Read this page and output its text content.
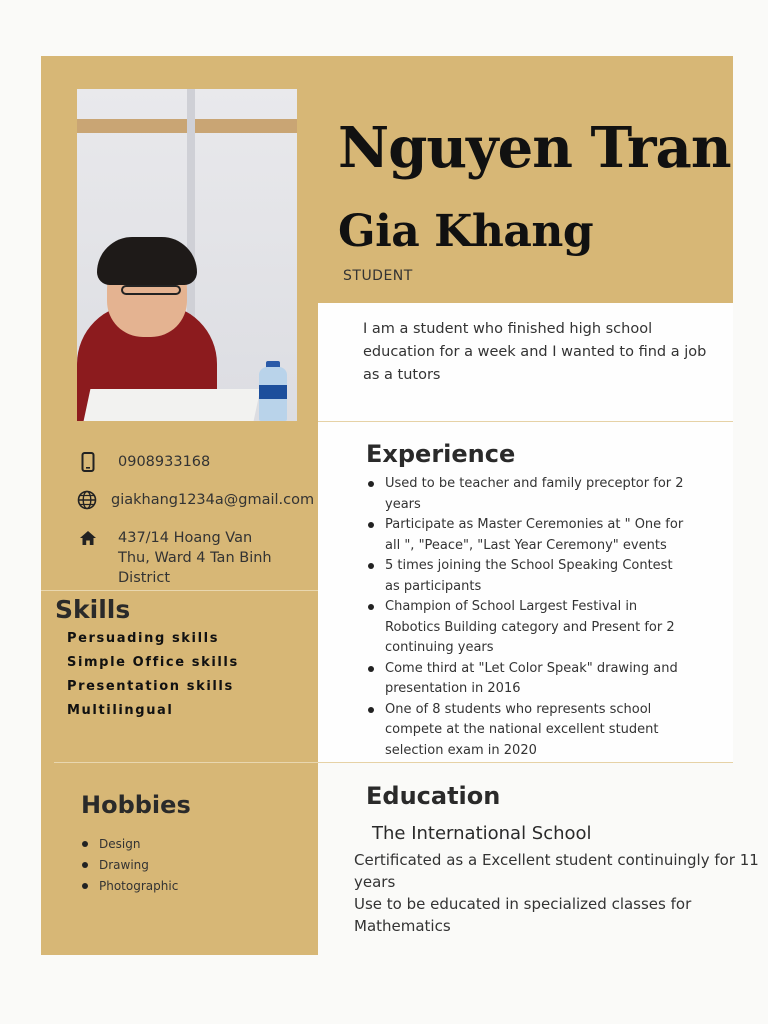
Nguyen Tran
Gia Khang
STUDENT
I am a student who finished high school education for a week and I wanted to find a job as a tutors
0908933168
giakhang1234a@gmail.com
437/14 Hoang Van Thu, Ward 4 Tan Binh District
Skills
Persuading skills
Simple Office skills
Presentation skills
Multilingual
Hobbies
Design
Drawing
Photographic
Experience
Used to be teacher and family preceptor for 2 years
Participate as Master Ceremonies at " One for all ", "Peace", "Last Year Ceremony" events
5 times joining the School Speaking Contest as participants
Champion of School Largest Festival in Robotics Building category and Present for 2 continuing years
Come third at "Let Color Speak" drawing and presentation in 2016
One of 8 students who represents school compete at the national excellent student selection exam in 2020
Education
The International School
Certificated as a Excellent student continuingly for 11 years
Use to be educated in specialized classes for Mathematics
